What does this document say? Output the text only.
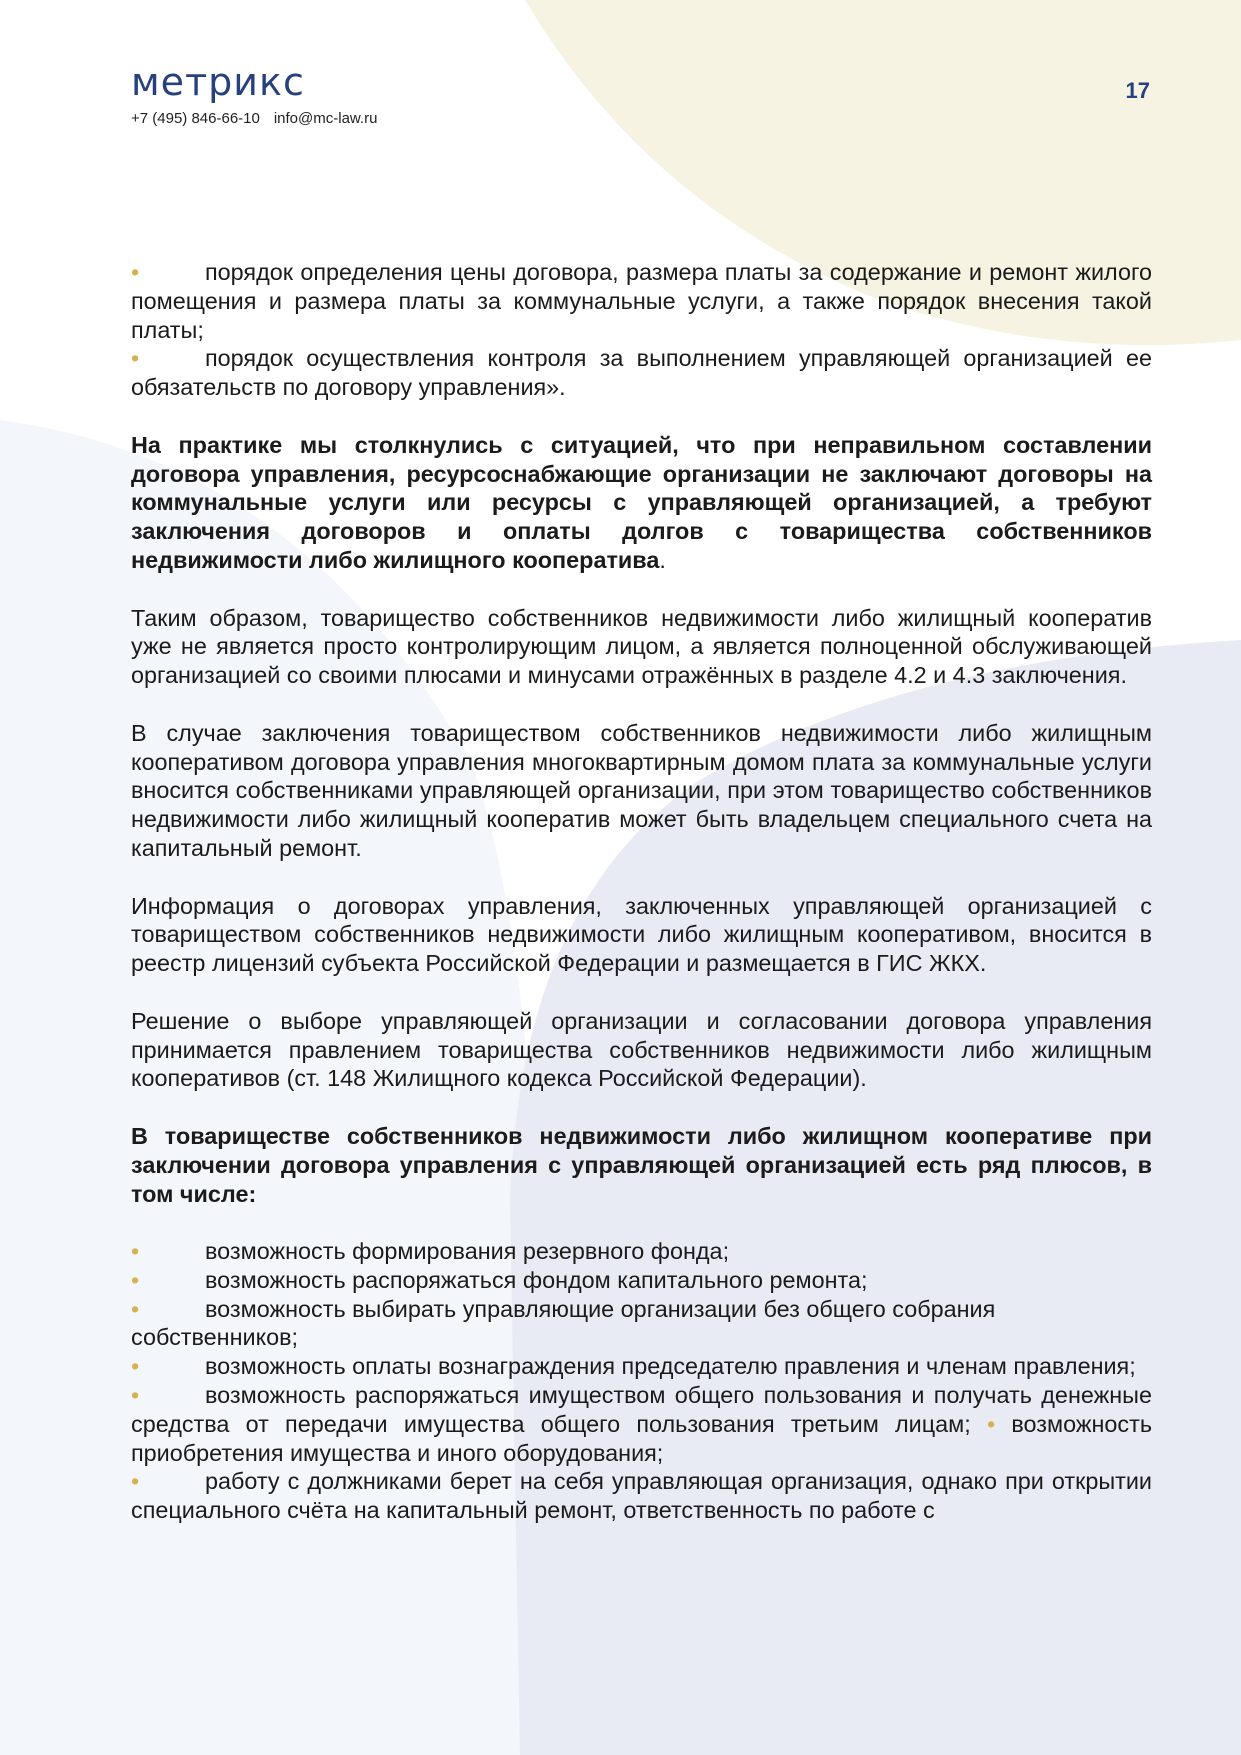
метрикс
+7 (495) 846-66-10 info@mc-law.ru
17
•	порядок определения цены договора, размера платы за содержание и ремонт жилого помещения и размера платы за коммунальные услуги, а также порядок внесения такой платы;
•	порядок осуществления контроля за выполнением управляющей организацией ее обязательств по договору управления».

На практике мы столкнулись с ситуацией, что при неправильном составлении договора управления, ресурсоснабжающие организации не заключают договоры на коммунальные услуги или ресурсы с управляющей организацией, а требуют заключения договоров и оплаты долгов с товарищества собственников недвижимости либо жилищного кооператива.

Таким образом, товарищество собственников недвижимости либо жилищный кооператив уже не является просто контролирующим лицом, а является полноценной обслуживающей организацией со своими плюсами и минусами отражённых в разделе 4.2 и 4.3 заключения.

В случае заключения товариществом собственников недвижимости либо жилищным кооперативом договора управления многоквартирным домом плата за коммунальные услуги вносится собственниками управляющей организации, при этом товарищество собственников недвижимости либо жилищный кооператив может быть владельцем специального счета на капитальный ремонт.

Информация о договорах управления, заключенных управляющей организацией с товариществом собственников недвижимости либо жилищным кооперативом, вносится в реестр лицензий субъекта Российской Федерации и размещается в ГИС ЖКХ.

Решение о выборе управляющей организации и согласовании договора управления принимается правлением товарищества собственников недвижимости либо жилищным кооперативов (ст. 148 Жилищного кодекса Российской Федерации).

В товариществе собственников недвижимости либо жилищном кооперативе при заключении договора управления с управляющей организацией есть ряд плюсов, в том числе:

•	возможность формирования резервного фонда;
•	возможность распоряжаться фондом капитального ремонта;
•	возможность выбирать управляющие организации без общего собрания собственников;
•	возможность оплаты вознаграждения председателю правления и членам правления;
•	возможность распоряжаться имуществом общего пользования и получать денежные средства от передачи имущества общего пользования третьим лицам; • возможность приобретения имущества и иного оборудования;
•	работу с должниками берет на себя управляющая организация, однако при открытии специального счёта на капитальный ремонт, ответственность по работе с
